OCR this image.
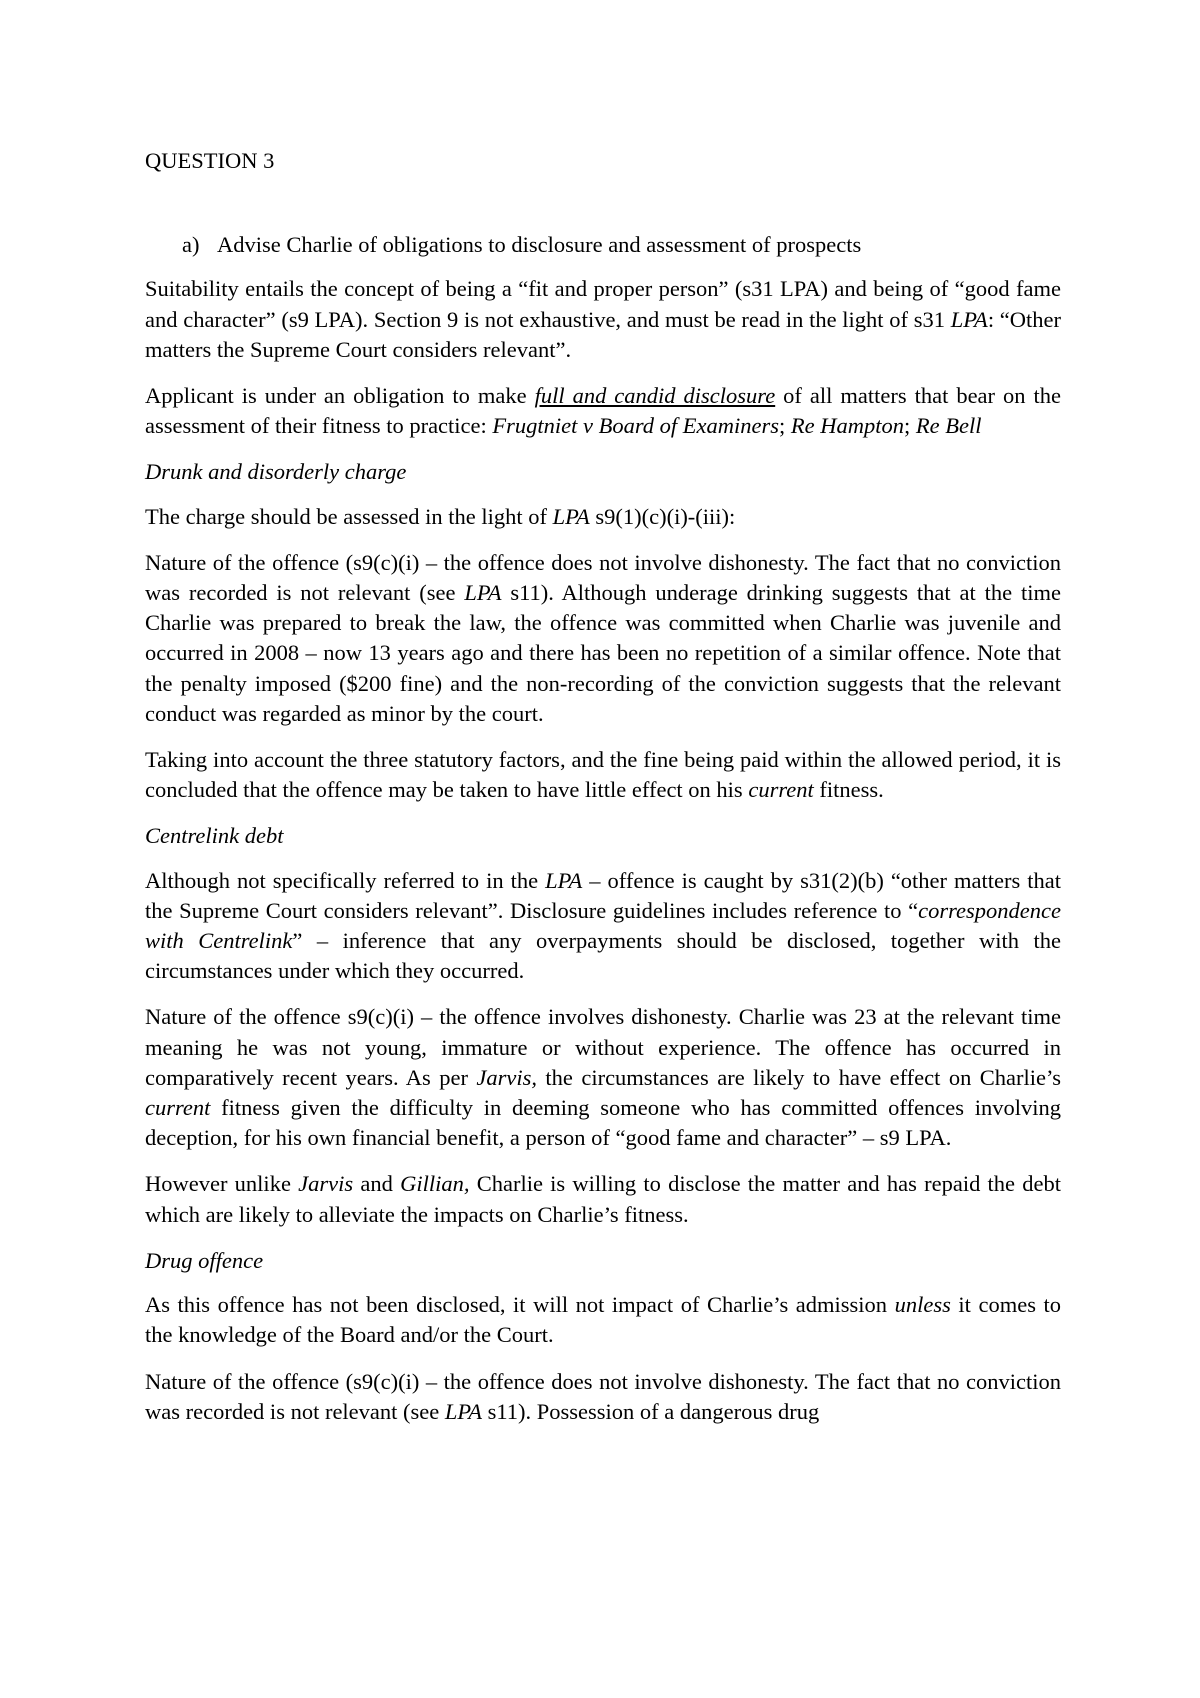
QUESTION 3
a) Advise Charlie of obligations to disclosure and assessment of prospects

Suitability entails the concept of being a “fit and proper person” (s31 LPA) and being of “good fame and character” (s9 LPA). Section 9 is not exhaustive, and must be read in the light of s31 LPA: “Other matters the Supreme Court considers relevant”.

Applicant is under an obligation to make full and candid disclosure of all matters that bear on the assessment of their fitness to practice: Frugtniet v Board of Examiners; Re Hampton; Re Bell

Drunk and disorderly charge

The charge should be assessed in the light of LPA s9(1)(c)(i)-(iii):

Nature of the offence (s9(c)(i) – the offence does not involve dishonesty. The fact that no conviction was recorded is not relevant (see LPA s11). Although underage drinking suggests that at the time Charlie was prepared to break the law, the offence was committed when Charlie was juvenile and occurred in 2008 – now 13 years ago and there has been no repetition of a similar offence. Note that the penalty imposed ($200 fine) and the non-recording of the conviction suggests that the relevant conduct was regarded as minor by the court.

Taking into account the three statutory factors, and the fine being paid within the allowed period, it is concluded that the offence may be taken to have little effect on his current fitness.

Centrelink debt

Although not specifically referred to in the LPA – offence is caught by s31(2)(b) “other matters that the Supreme Court considers relevant”. Disclosure guidelines includes reference to “correspondence with Centrelink” – inference that any overpayments should be disclosed, together with the circumstances under which they occurred.

Nature of the offence s9(c)(i) – the offence involves dishonesty. Charlie was 23 at the relevant time meaning he was not young, immature or without experience. The offence has occurred in comparatively recent years. As per Jarvis, the circumstances are likely to have effect on Charlie’s current fitness given the difficulty in deeming someone who has committed offences involving deception, for his own financial benefit, a person of “good fame and character” – s9 LPA.

However unlike Jarvis and Gillian, Charlie is willing to disclose the matter and has repaid the debt which are likely to alleviate the impacts on Charlie’s fitness.

Drug offence

As this offence has not been disclosed, it will not impact of Charlie’s admission unless it comes to the knowledge of the Board and/or the Court.

Nature of the offence (s9(c)(i) – the offence does not involve dishonesty. The fact that no conviction was recorded is not relevant (see LPA s11). Possession of a dangerous drug
